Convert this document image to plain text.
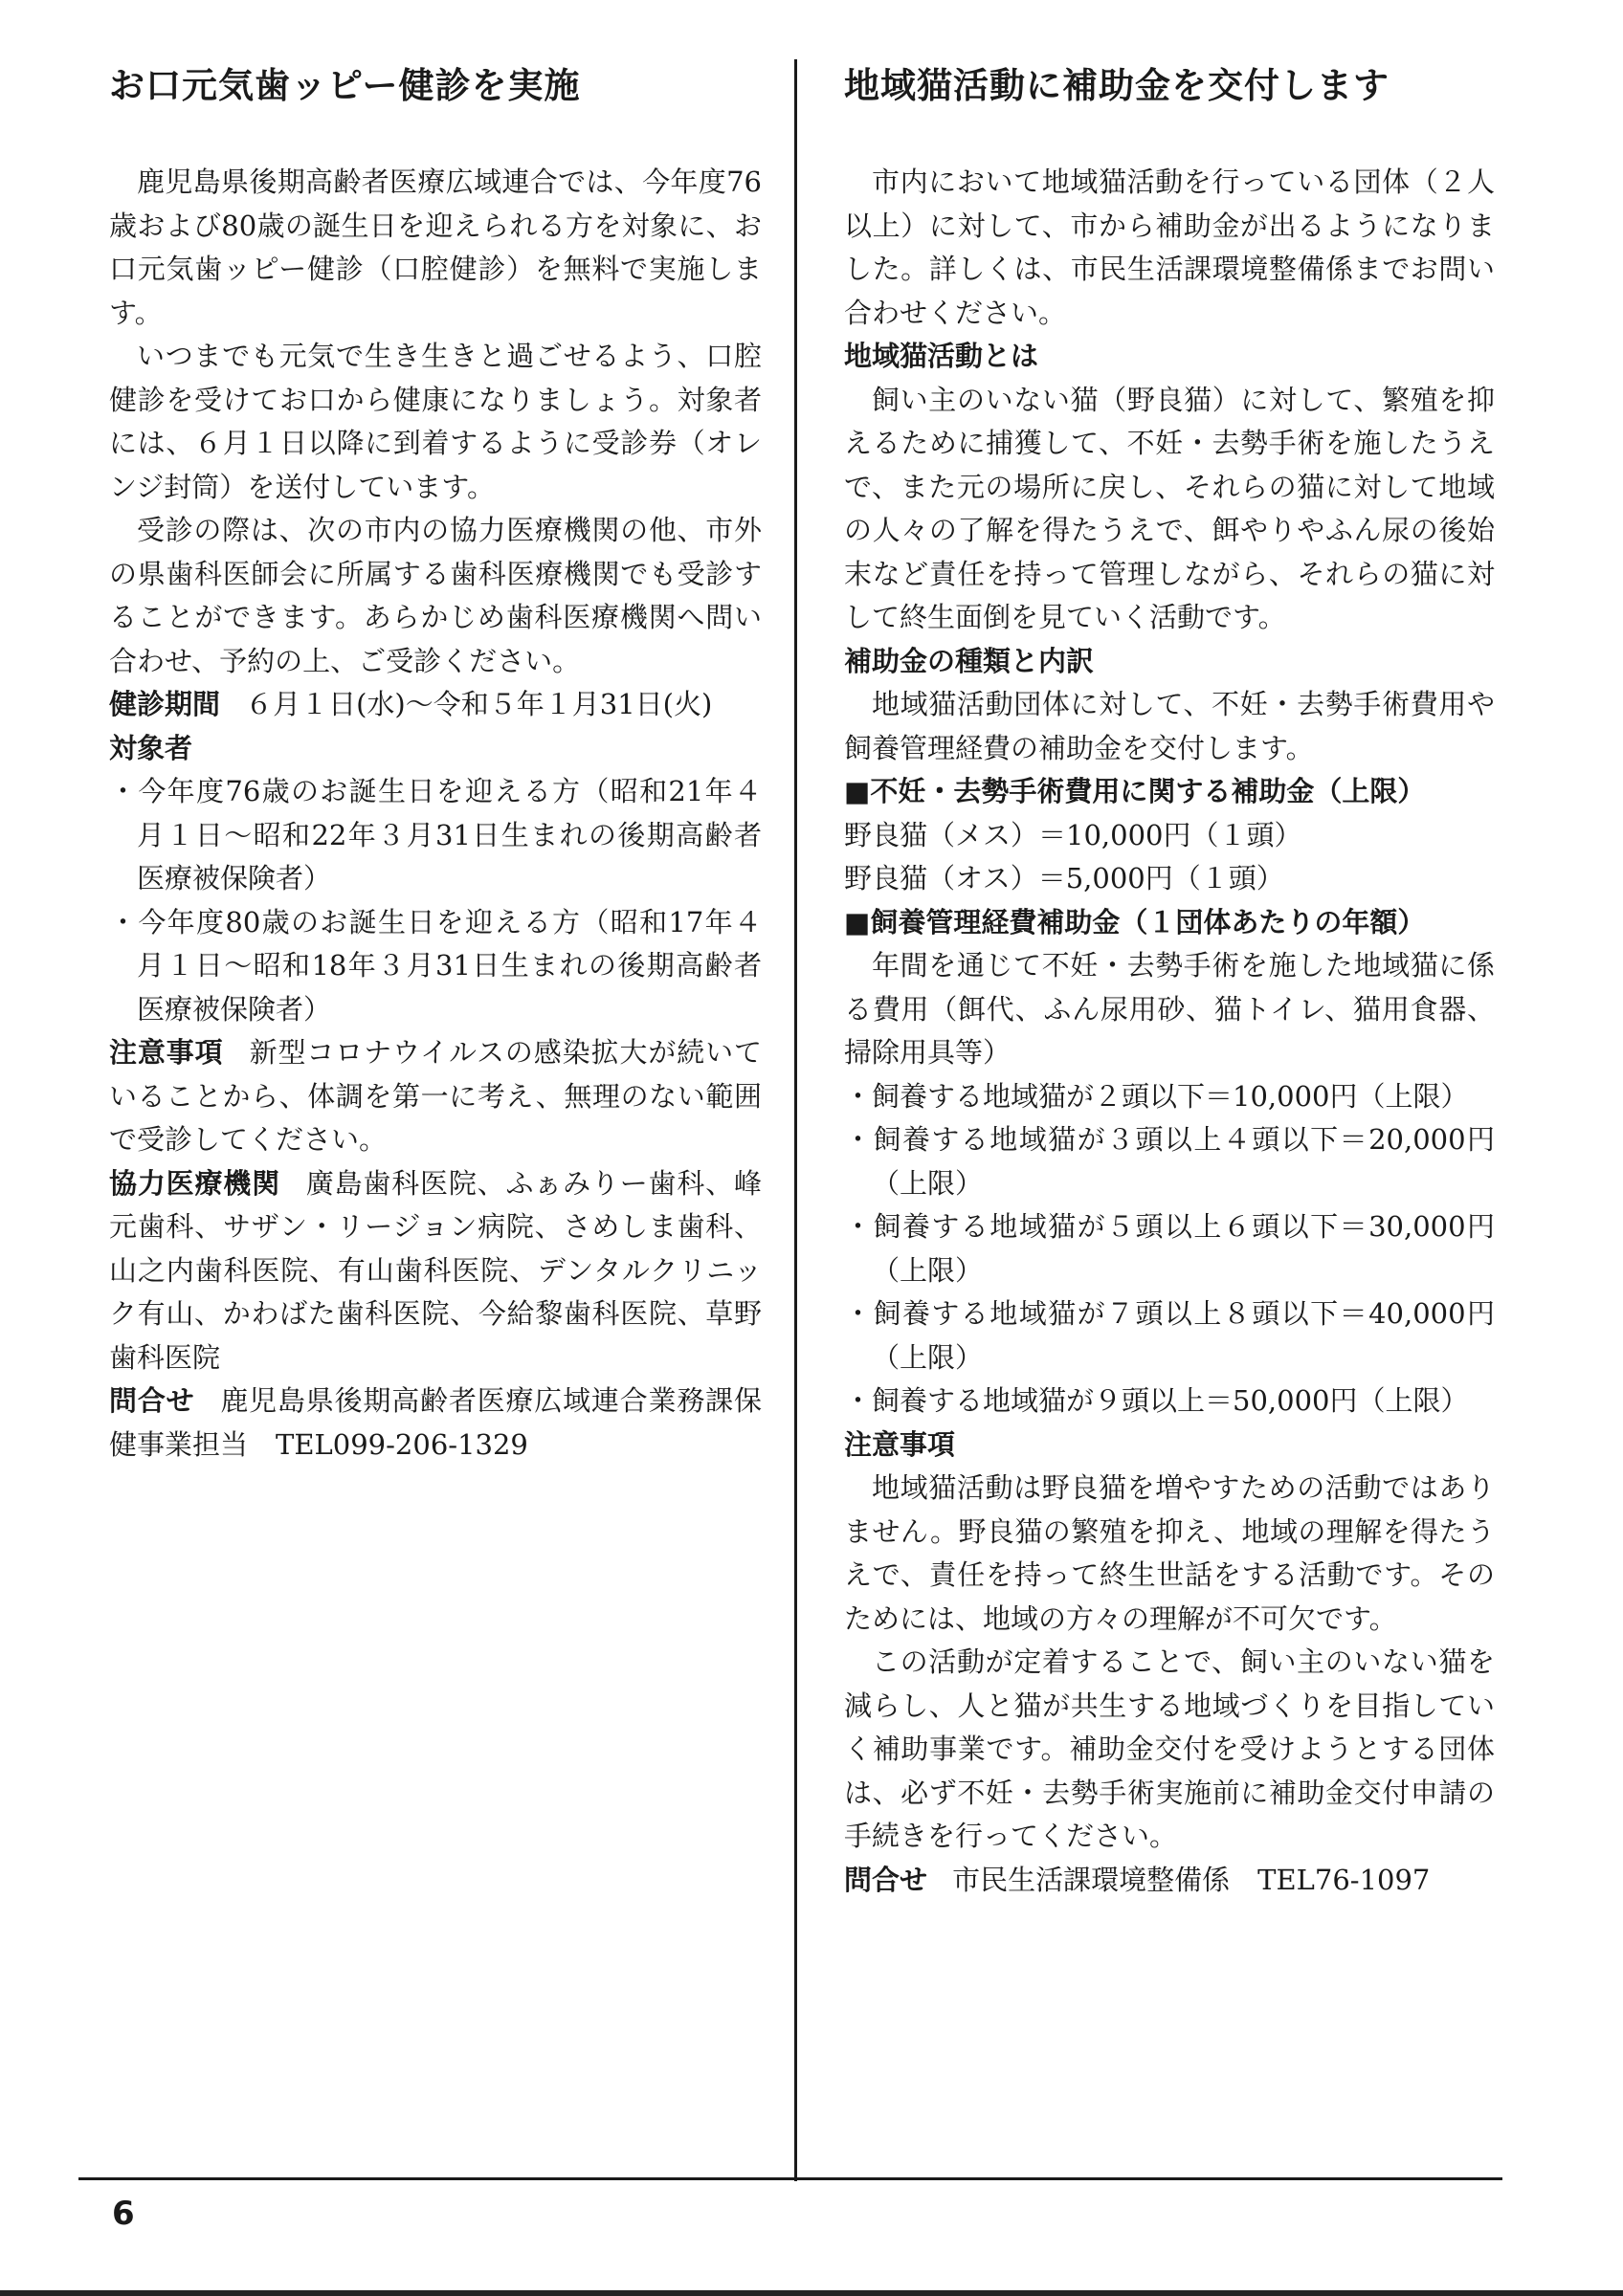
お口元気歯ッピー健診を実施

鹿児島県後期高齢者医療広域連合では、今年度76歳および80歳の誕生日を迎えられる方を対象に、お口元気歯ッピー健診（口腔健診）を無料で実施します。

いつまでも元気で生き生きと過ごせるよう、口腔健診を受けてお口から健康になりましょう。対象者には、６月１日以降に到着するように受診券（オレンジ封筒）を送付しています。

受診の際は、次の市内の協力医療機関の他、市外の県歯科医師会に所属する歯科医療機関でも受診することができます。あらかじめ歯科医療機関へ問い合わせ、予約の上、ご受診ください。

健診期間 ６月１日(水)～令和５年１月31日(火)

対象者

・今年度76歳のお誕生日を迎える方（昭和21年４月１日～昭和22年３月31日生まれの後期高齢者医療被保険者）

・今年度80歳のお誕生日を迎える方（昭和17年４月１日～昭和18年３月31日生まれの後期高齢者医療被保険者）

注意事項 新型コロナウイルスの感染拡大が続いていることから、体調を第一に考え、無理のない範囲で受診してください。

協力医療機関 廣島歯科医院、ふぁみりー歯科、峰元歯科、サザン・リージョン病院、さめしま歯科、山之内歯科医院、有山歯科医院、デンタルクリニック有山、かわばた歯科医院、今給黎歯科医院、草野歯科医院

問合せ 鹿児島県後期高齢者医療広域連合業務課保健事業担当　TEL099-206-1329

地域猫活動に補助金を交付します

市内において地域猫活動を行っている団体（２人以上）に対して、市から補助金が出るようになりました。詳しくは、市民生活課環境整備係までお問い合わせください。

地域猫活動とは

飼い主のいない猫（野良猫）に対して、繁殖を抑えるために捕獲して、不妊・去勢手術を施したうえで、また元の場所に戻し、それらの猫に対して地域の人々の了解を得たうえで、餌やりやふん尿の後始末など責任を持って管理しながら、それらの猫に対して終生面倒を見ていく活動です。

補助金の種類と内訳

地域猫活動団体に対して、不妊・去勢手術費用や飼養管理経費の補助金を交付します。

■不妊・去勢手術費用に関する補助金（上限）

野良猫（メス）＝10,000円（１頭）

野良猫（オス）＝5,000円（１頭）

■飼養管理経費補助金（１団体あたりの年額）

年間を通じて不妊・去勢手術を施した地域猫に係る費用（餌代、ふん尿用砂、猫トイレ、猫用食器、掃除用具等）

・飼養する地域猫が２頭以下＝10,000円（上限）

・飼養する地域猫が３頭以上４頭以下＝20,000円（上限）

・飼養する地域猫が５頭以上６頭以下＝30,000円（上限）

・飼養する地域猫が７頭以上８頭以下＝40,000円（上限）

・飼養する地域猫が９頭以上＝50,000円（上限）

注意事項

地域猫活動は野良猫を増やすための活動ではありません。野良猫の繁殖を抑え、地域の理解を得たうえで、責任を持って終生世話をする活動です。そのためには、地域の方々の理解が不可欠です。

この活動が定着することで、飼い主のいない猫を減らし、人と猫が共生する地域づくりを目指していく補助事業です。補助金交付を受けようとする団体は、必ず不妊・去勢手術実施前に補助金交付申請の手続きを行ってください。

問合せ 市民生活課環境整備係　TEL76-1097

6
